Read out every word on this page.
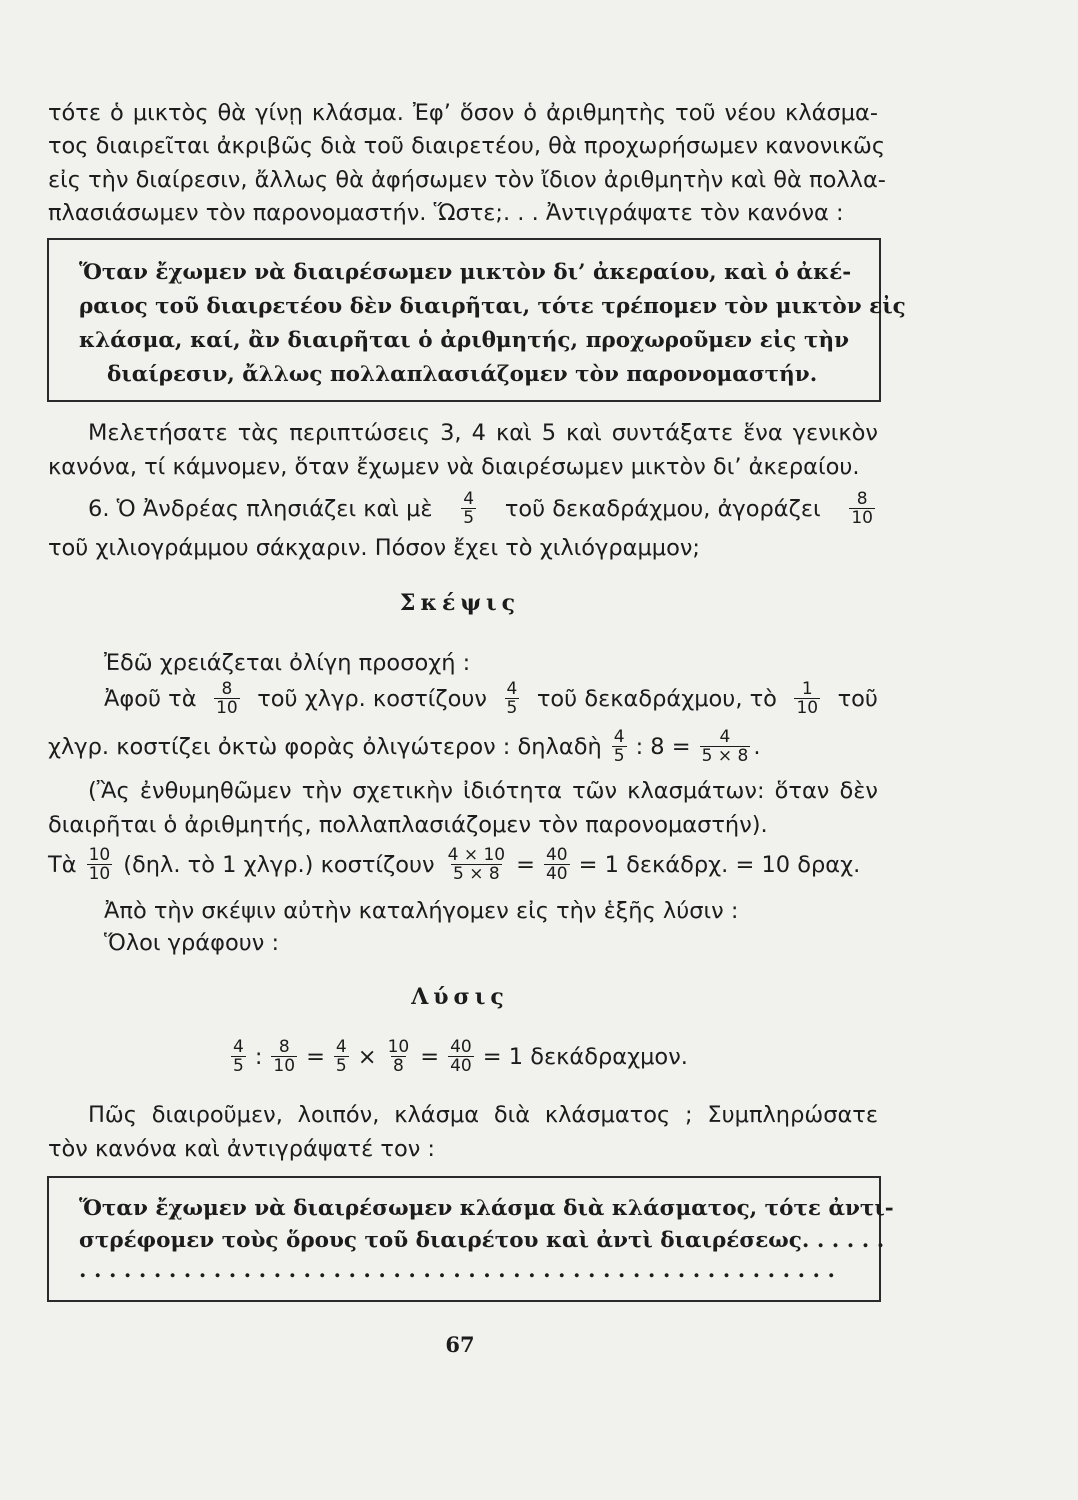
τότε ὁ μικτὸς θὰ γίνῃ κλάσμα. Ἐφ’ ὅσον ὁ ἀριθμητὴς τοῦ νέου κλάσμα-
τος διαιρεῖται ἀκριβῶς διὰ τοῦ διαιρετέου, θὰ προχωρήσωμεν κανονικῶς
εἰς τὴν διαίρεσιν, ἄλλως θὰ ἀφήσωμεν τὸν ἴδιον ἀριθμητὴν καὶ θὰ πολλα-
πλασιάσωμεν τὸν παρονομαστήν. Ὥστε;. . . Ἀντιγράψατε τὸν κανόνα :
Ὅταν ἔχωμεν νὰ διαιρέσωμεν μικτὸν δι’ ἀκεραίου, καὶ ὁ ἀκέ-
ραιος τοῦ διαιρετέου δὲν διαιρῆται, τότε τρέπομεν τὸν μικτὸν εἰς
κλάσμα, καί, ἂν διαιρῆται ὁ ἀριθμητής, προχωροῦμεν εἰς τὴν
διαίρεσιν, ἄλλως πολλαπλασιάζομεν τὸν παρονομαστήν.
Μελετήσατε τὰς περιπτώσεις 3, 4 καὶ 5 καὶ συντάξατε ἕνα γενικὸν
κανόνα, τί κάμνομεν, ὅταν ἔχωμεν νὰ διαιρέσωμεν μικτὸν δι’ ἀκεραίου.
6. Ὁ Ἀνδρέας πλησιάζει καὶ μὲ $\frac{4}{5}$ τοῦ δεκαδράχμου, ἀγοράζει $\frac{8}{10}$
τοῦ χιλιογράμμου σάκχαριν. Πόσον ἔχει τὸ χιλιόγραμμον;
Σκέψις
Ἐδῶ χρειάζεται ὀλίγη προσοχή :
Ἀφοῦ τὰ $\frac{8}{10}$ τοῦ χλγρ. κοστίζουν $\frac{4}{5}$ τοῦ δεκαδράχμου, τὸ $\frac{1}{10}$ τοῦ
χλγρ. κοστίζει ὀκτὼ φορὰς ὀλιγώτερον : δηλαδὴ $\frac{4}{5}$ : $8 = \frac{4}{5 \times 8}$ .
(Ἂς ἐνθυμηθῶμεν τὴν σχετικὴν ἰδιότητα τῶν κλασμάτων: ὅταν δὲν
διαιρῆται ὁ ἀριθμητής, πολλαπλασιάζομεν τὸν παρονομαστήν).
Τὰ $\frac{10}{10} (\delta\eta\lambda$. τὸ 1 χλγρ.) κοστίζουν $\frac{4 \times 10}{5 \times 8} = \frac{40}{40} = 1$ δεκάδρχ. = 10 δραχ.
Ἀπὸ τὴν σκέψιν αὐτὴν καταλήγομεν εἰς τὴν ἑξῆς λύσιν :
Ὅλοι γράφουν :
Λύσις
$\frac{4}{5}$ : $\frac{8}{10} = \frac{4}{5} \times \frac{10}{8} = \frac{40}{40} = 1$ δεκάδραχμον.
Πῶς διαιροῦμεν, λοιπόν, κλάσμα διὰ κλάσματος ; Συμπληρώσατε
τὸν κανόνα καὶ ἀντιγράψατέ τον :
Ὅταν ἔχωμεν νὰ διαιρέσωμεν κλάσμα διὰ κλάσματος, τότε ἀντι-
στρέφομεν τοὺς ὅρους τοῦ διαιρέτου καὶ ἀντὶ διαιρέσεως. . . . . .
. . . . . . . . . . . . . . . . . . . . . . . . . . . . . . . . . . . . . . . . . . . . . . . . . . .
67
